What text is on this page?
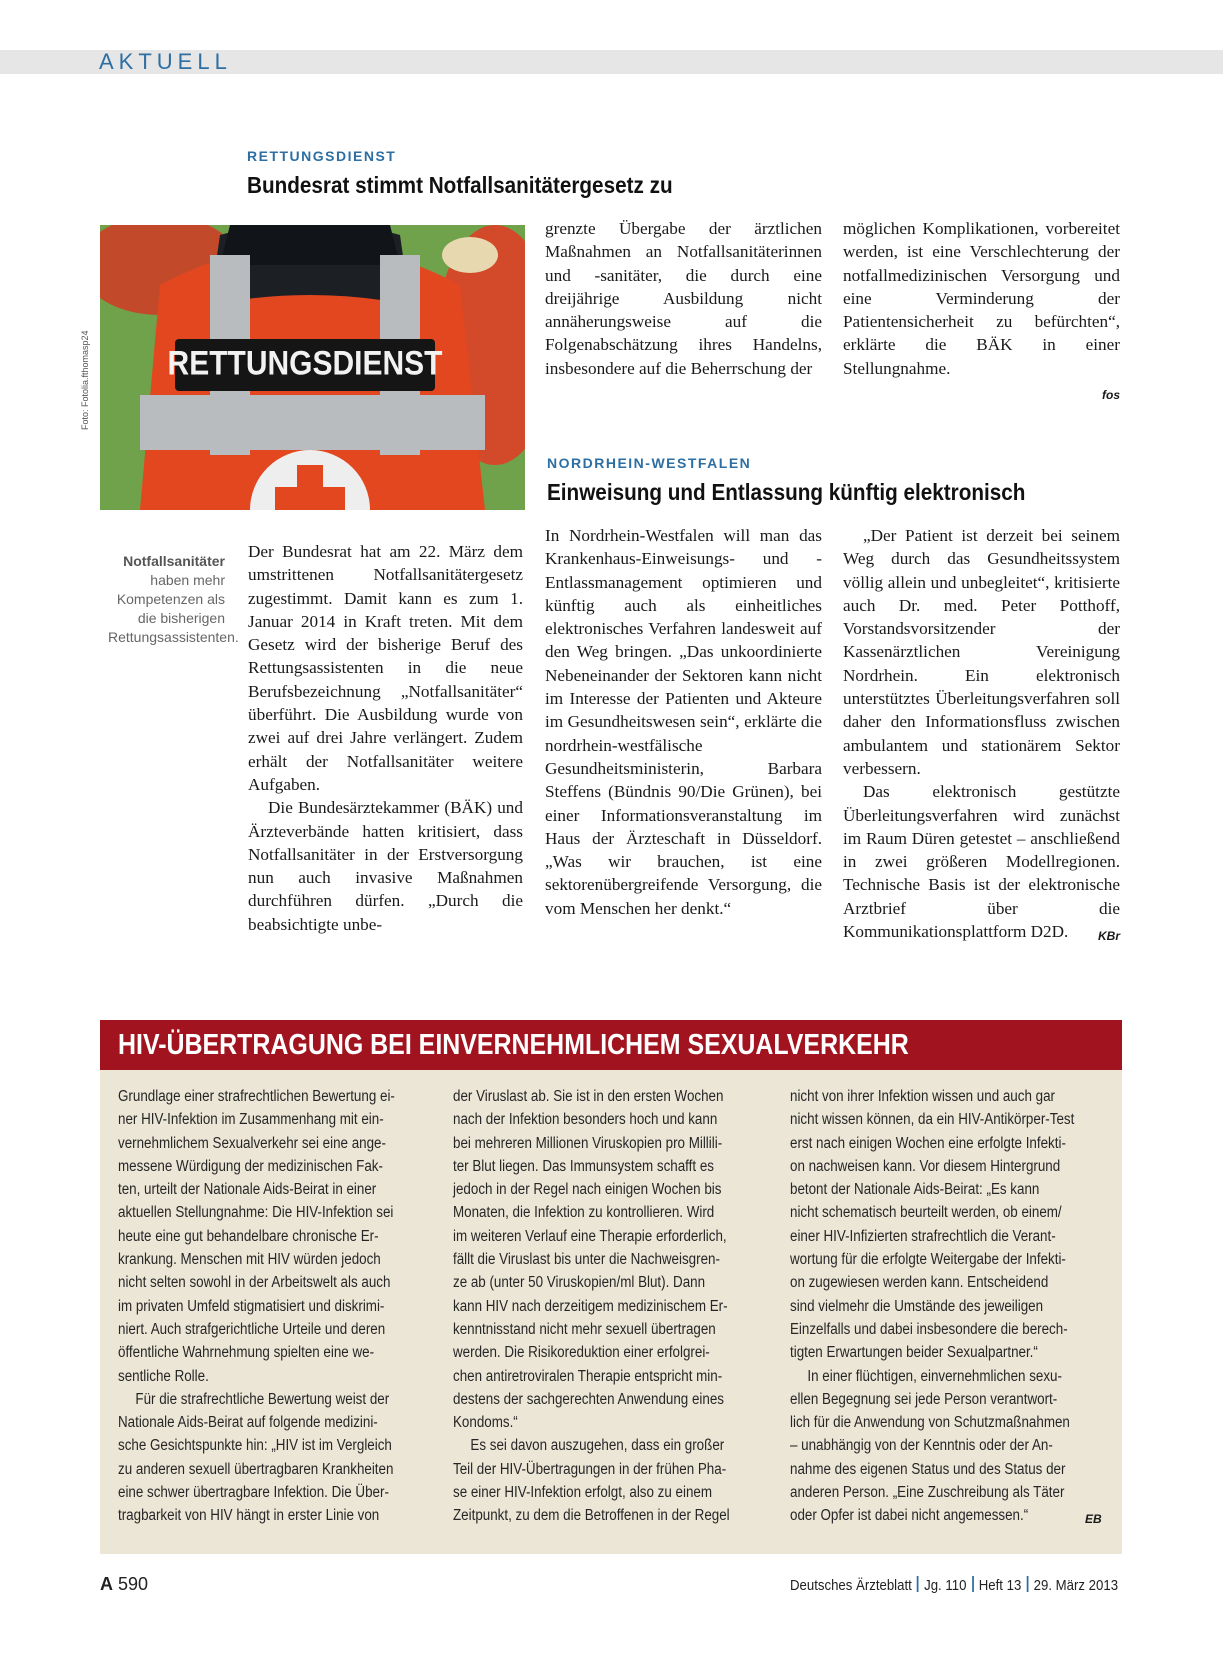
AKTUELL
RETTUNGSDIENST
Bundesrat stimmt Notfallsanitätergesetz zu
RETTUNGSDIENST
Foto: Fotolia.fthomasp24
Notfallsanitäter
haben mehr Kompetenzen als die bisherigen Rettungsassistenten.

Der Bundesrat hat am 22. März dem umstrittenen Notfallsanitätergesetz zugestimmt. Damit kann es zum 1. Januar 2014 in Kraft treten. Mit dem Gesetz wird der bisherige Beruf des Rettungsassistenten in die neue Berufsbezeichnung „Notfallsanitäter“ überführt. Die Ausbildung wurde von zwei auf drei Jahre verlängert. Zudem erhält der Notfallsanitäter weitere Aufgaben.

Die Bundesärztekammer (BÄK) und Ärzteverbände hatten kritisiert, dass Notfallsanitäter in der Erstversorgung nun auch invasive Maßnahmen durchführen dürfen. „Durch die beabsichtigte unbe-

grenzte Übergabe der ärztlichen Maßnahmen an Notfallsanitäterinnen und -sanitäter, die durch eine dreijährige Ausbildung nicht annäherungsweise auf die Folgenabschätzung ihres Handelns, insbesondere auf die Beherrschung der

möglichen Komplikationen, vorbereitet werden, ist eine Verschlechterung der notfallmedizinischen Versorgung und eine Verminderung der Patientensicherheit zu befürchten“, erklärte die BÄK in einer Stellungnahme.

fos
NORDRHEIN-WESTFALEN
Einweisung und Entlassung künftig elektronisch

In Nordrhein-Westfalen will man das Krankenhaus-Einweisungs- und -Entlassmanagement optimieren und künftig auch als einheitliches elektronisches Verfahren landesweit auf den Weg bringen. „Das unkoordinierte Nebeneinander der Sektoren kann nicht im Interesse der Patienten und Akteure im Gesundheitswesen sein“, erklärte die nordrhein-westfälische Gesundheitsministerin, Barbara Steffens (Bündnis 90/Die Grünen), bei einer Informationsveranstaltung im Haus der Ärzteschaft in Düsseldorf. „Was wir brauchen, ist eine sektorenübergreifende Versorgung, die vom Menschen her denkt.“

„Der Patient ist derzeit bei seinem Weg durch das Gesundheitssystem völlig allein und unbegleitet“, kritisierte auch Dr. med. Peter Potthoff, Vorstandsvorsitzender der Kassenärztlichen Vereinigung Nordrhein. Ein elektronisch unterstütztes Überleitungsverfahren soll daher den Informationsfluss zwischen ambulantem und stationärem Sektor verbessern.

Das elektronisch gestützte Überleitungsverfahren wird zunächst im Raum Düren getestet – anschließend in zwei größeren Modellregionen. Technische Basis ist der elektronische Arztbrief über die Kommunikationsplattform D2D.	KBr
HIV-ÜBERTRAGUNG BEI EINVERNEHMLICHEM SEXUALVERKEHR
Grundlage einer strafrechtlichen Bewertung ei-
ner HIV-Infektion im Zusammenhang mit ein-
vernehmlichem Sexualverkehr sei eine ange-
messene Würdigung der medizinischen Fak-
ten, urteilt der Nationale Aids-Beirat in einer
aktuellen Stellungnahme: Die HIV-Infektion sei
heute eine gut behandelbare chronische Er-
krankung. Menschen mit HIV würden jedoch
nicht selten sowohl in der Arbeitswelt als auch
im privaten Umfeld stigmatisiert und diskrimi-
niert. Auch strafgerichtliche Urteile und deren
öffentliche Wahrnehmung spielten eine we-
sentliche Rolle.
Für die strafrechtliche Bewertung weist der
Nationale Aids-Beirat auf folgende medizini-
sche Gesichtspunkte hin: „HIV ist im Vergleich
zu anderen sexuell übertragbaren Krankheiten
eine schwer übertragbare Infektion. Die Über-
tragbarkeit von HIV hängt in erster Linie von
der Viruslast ab. Sie ist in den ersten Wochen
nach der Infektion besonders hoch und kann
bei mehreren Millionen Viruskopien pro Millili-
ter Blut liegen. Das Immunsystem schafft es
jedoch in der Regel nach einigen Wochen bis
Monaten, die Infektion zu kontrollieren. Wird
im weiteren Verlauf eine Therapie erforderlich,
fällt die Viruslast bis unter die Nachweisgren-
ze ab (unter 50 Viruskopien/ml Blut). Dann
kann HIV nach derzeitigem medizinischem Er-
kenntnisstand nicht mehr sexuell übertragen
werden. Die Risikoreduktion einer erfolgrei-
chen antiretroviralen Therapie entspricht min-
destens der sachgerechten Anwendung eines
Kondoms.“
Es sei davon auszugehen, dass ein großer
Teil der HIV-Übertragungen in der frühen Pha-
se einer HIV-Infektion erfolgt, also zu einem
Zeitpunkt, zu dem die Betroffenen in der Regel
nicht von ihrer Infektion wissen und auch gar
nicht wissen können, da ein HIV-Antikörper-Test
erst nach einigen Wochen eine erfolgte Infekti-
on nachweisen kann. Vor diesem Hintergrund
betont der Nationale Aids-Beirat: „Es kann
nicht schematisch beurteilt werden, ob einem/
einer HIV-Infizierten strafrechtlich die Verant-
wortung für die erfolgte Weitergabe der Infekti-
on zugewiesen werden kann. Entscheidend
sind vielmehr die Umstände des jeweiligen
Einzelfalls und dabei insbesondere die berech-
tigten Erwartungen beider Sexualpartner.“
In einer flüchtigen, einvernehmlichen sexu-
ellen Begegnung sei jede Person verantwort-
lich für die Anwendung von Schutzmaßnahmen
– unabhängig von der Kenntnis oder der An-
nahme des eigenen Status und des Status der
anderen Person. „Eine Zuschreibung als Täter
oder Opfer ist dabei nicht angemessen.“	EB
A 590	Deutsches Ärzteblatt Jg. 110 Heft 13 29. März 2013
